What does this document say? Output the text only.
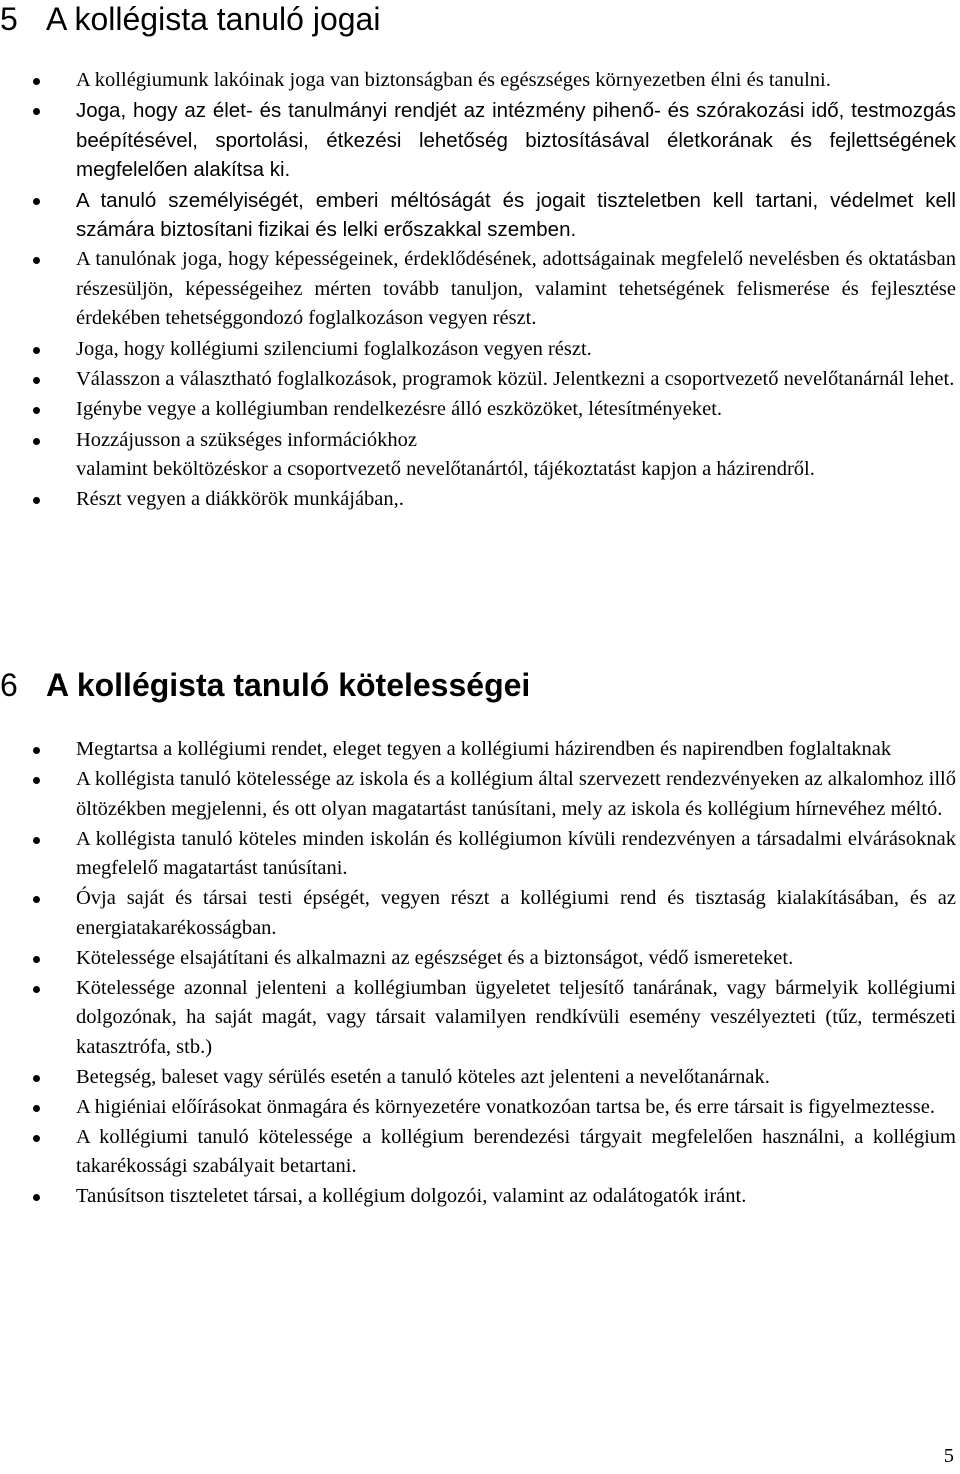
5 A kollégista tanuló jogai
A kollégiumunk lakóinak joga van biztonságban és egészséges környezetben élni és tanulni.
Joga, hogy az élet- és tanulmányi rendjét az intézmény pihenő- és szórakozási idő, testmozgás beépítésével, sportolási, étkezési lehetőség biztosításával életkorának és fejlettségének megfelelően alakítsa ki.
A tanuló személyiségét, emberi méltóságát és jogait tiszteletben kell tartani, védelmet kell számára biztosítani fizikai és lelki erőszakkal szemben.
A tanulónak joga, hogy képességeinek, érdeklődésének, adottságainak megfelelő nevelésben és oktatásban részesüljön, képességeihez mérten tovább tanuljon, valamint tehetségének felismerése és fejlesztése érdekében tehetséggondozó foglalkozáson vegyen részt.
Joga, hogy kollégiumi szilenciumi foglalkozáson vegyen részt.
Válasszon a választható foglalkozások, programok közül. Jelentkezni a csoportvezető nevelőtanárnál lehet.
Igénybe vegye a kollégiumban rendelkezésre álló eszközöket, létesítményeket.
Hozzájusson a szükséges információkhoz
valamint beköltözéskor a csoportvezető nevelőtanártól, tájékoztatást kapjon a házirendről.
Részt vegyen a diákkörök munkájában,.
6 A kollégista tanuló kötelességei
Megtartsa a kollégiumi rendet, eleget tegyen a kollégiumi házirendben és napirendben foglaltaknak
A kollégista tanuló kötelessége az iskola és a kollégium által szervezett rendezvényeken az alkalomhoz illő öltözékben megjelenni, és ott olyan magatartást tanúsítani, mely az iskola és kollégium hírnevéhez méltó.
A kollégista tanuló köteles minden iskolán és kollégiumon kívüli rendezvényen a társadalmi elvárásoknak megfelelő magatartást tanúsítani.
Óvja saját és társai testi épségét, vegyen részt a kollégiumi rend és tisztaság kialakításában, és az energiatakarékosságban.
Kötelessége elsajátítani és alkalmazni az egészséget és a biztonságot, védő ismereteket.
Kötelessége azonnal jelenteni a kollégiumban ügyeletet teljesítő tanárának, vagy bármelyik kollégiumi dolgozónak, ha saját magát, vagy társait valamilyen rendkívüli esemény veszélyezteti (tűz, természeti katasztrófa, stb.)
Betegség, baleset vagy sérülés esetén a tanuló köteles azt jelenteni a nevelőtanárnak.
A higiéniai előírásokat önmagára és környezetére vonatkozóan tartsa be, és erre társait is figyelmeztesse.
A kollégiumi tanuló kötelessége a kollégium berendezési tárgyait megfelelően használni, a kollégium takarékossági szabályait betartani.
Tanúsítson tiszteletet társai, a kollégium dolgozói, valamint az odalátogatók iránt.
5
